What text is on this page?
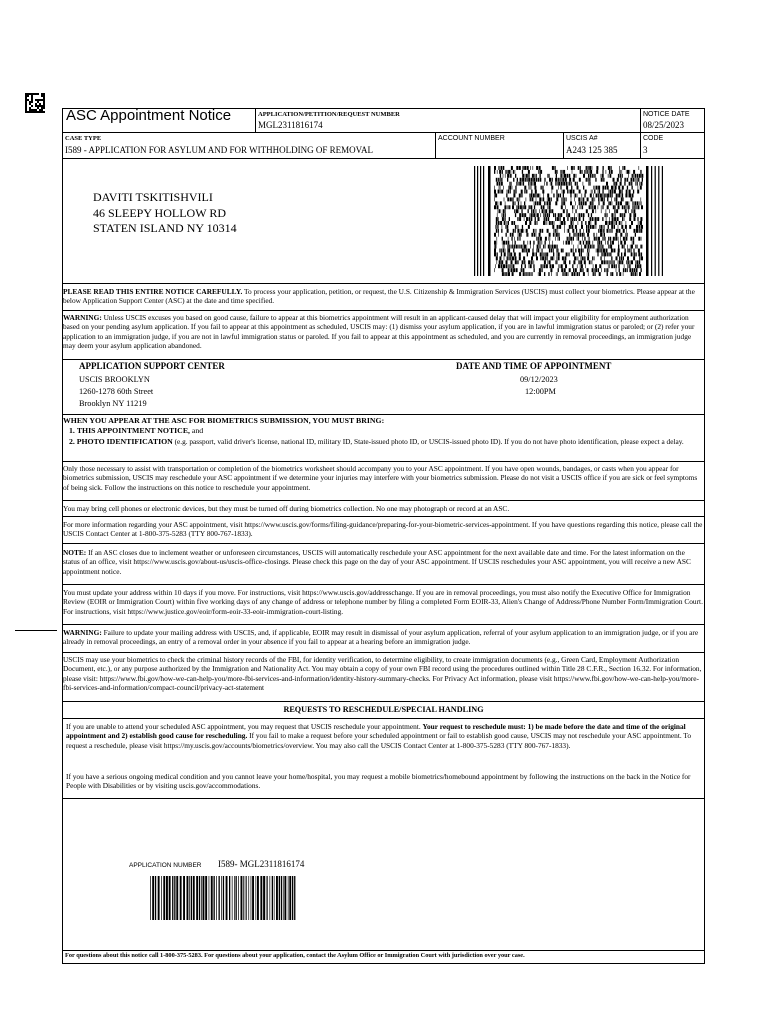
ASC Appointment Notice	APPLICATION/PETITION/REQUEST NUMBER
MGL2311816174
NOTICE DATE
08/25/2023
CASE TYPE
I589 - APPLICATION FOR ASYLUM AND FOR WITHHOLDING OF REMOVAL
ACCOUNT NUMBER	USCIS A#
A243 125 385
CODE
3
DAVITI TSKITISHVILI
46 SLEEPY HOLLOW RD
STATEN ISLAND NY 10314

PLEASE READ THIS ENTIRE NOTICE CAREFULLY. To process your application, petition, or request, the U.S. Citizenship & Immigration Services (USCIS) must collect your biometrics. Please appear at the below Application Support Center (ASC) at the date and time specified.

WARNING: Unless USCIS excuses you based on good cause, failure to appear at this biometrics appointment will result in an applicant-caused delay that will impact your eligibility for employment authorization based on your pending asylum application. If you fail to appear at this appointment as scheduled, USCIS may: (1) dismiss your asylum application, if you are in lawful immigration status or paroled; or (2) refer your application to an immigration judge, if you are not in lawful immigration status or paroled. If you fail to appear at this appointment as scheduled, and you are currently in removal proceedings, an immigration judge may deem your asylum application abandoned.

APPLICATION SUPPORT CENTER
USCIS BROOKLYN
1260-1278 60th Street
Brooklyn NY 11219
DATE AND TIME OF APPOINTMENT
09/12/2023
12:00PM
WHEN YOU APPEAR AT THE ASC FOR BIOMETRICS SUBMISSION, YOU MUST BRING:
1. THIS APPOINTMENT NOTICE, and
2. PHOTO IDENTIFICATION (e.g. passport, valid driver's license, national ID, military ID, State-issued photo ID, or USCIS-issued photo ID). If you do not have photo identification, please expect a delay.

Only those necessary to assist with transportation or completion of the biometrics worksheet should accompany you to your ASC appointment. If you have open wounds, bandages, or casts when you appear for biometrics submission, USCIS may reschedule your ASC appointment if we determine your injuries may interfere with your biometrics submission. Please do not visit a USCIS office if you are sick or feel symptoms of being sick. Follow the instructions on this notice to reschedule your appointment.

You may bring cell phones or electronic devices, but they must be turned off during biometrics collection. No one may photograph or record at an ASC.

For more information regarding your ASC appointment, visit https://www.uscis.gov/forms/filing-guidance/preparing-for-your-biometric-services-appointment. If you have questions regarding this notice, please call the USCIS Contact Center at 1-800-375-5283 (TTY 800-767-1833).

NOTE: If an ASC closes due to inclement weather or unforeseen circumstances, USCIS will automatically reschedule your ASC appointment for the next available date and time. For the latest information on the status of an office, visit https://www.uscis.gov/about-us/uscis-office-closings. Please check this page on the day of your ASC appointment. If USCIS reschedules your ASC appointment, you will receive a new ASC appointment notice.

You must update your address within 10 days if you move. For instructions, visit https://www.uscis.gov/addresschange. If you are in removal proceedings, you must also notify the Executive Office for Immigration Review (EOIR or Immigration Court) within five working days of any change of address or telephone number by filing a completed Form EOIR-33, Alien's Change of Address/Phone Number Form/Immigration Court. For instructions, visit https://www.justice.gov/eoir/form-eoir-33-eoir-immigration-court-listing.

WARNING: Failure to update your mailing address with USCIS, and, if applicable, EOIR may result in dismissal of your asylum application, referral of your asylum application to an immigration judge, or if you are already in removal proceedings, an entry of a removal order in your absence if you fail to appear at a hearing before an immigration judge.

USCIS may use your biometrics to check the criminal history records of the FBI, for identity verification, to determine eligibility, to create immigration documents (e.g., Green Card, Employment Authorization Document, etc.), or any purpose authorized by the Immigration and Nationality Act. You may obtain a copy of your own FBI record using the procedures outlined within Title 28 C.F.R., Section 16.32. For information, please visit: https://www.fbi.gov/how-we-can-help-you/more-fbi-services-and-information/identity-history-summary-checks. For Privacy Act information, please visit https://www.fbi.gov/how-we-can-help-you/more-fbi-services-and-information/compact-council/privacy-act-statement

REQUESTS TO RESCHEDULE/SPECIAL HANDLING

If you are unable to attend your scheduled ASC appointment, you may request that USCIS reschedule your appointment. Your request to reschedule must: 1) be made before the date and time of the original appointment and 2) establish good cause for rescheduling. If you fail to make a request before your scheduled appointment or fail to establish good cause, USCIS may not reschedule your ASC appointment. To request a reschedule, please visit https://my.uscis.gov/accounts/biometrics/overview. You may also call the USCIS Contact Center at 1-800-375-5283 (TTY 800-767-1833).

If you have a serious ongoing medical condition and you cannot leave your home/hospital, you may request a mobile biometrics/homebound appointment by following the instructions on the back in the Notice for People with Disabilities or by visiting uscis.gov/accommodations.

APPLICATION NUMBER I589- MGL2311816174
For questions about this notice call 1-800-375-5283. For questions about your application, contact the Asylum Office or Immigration Court with jurisdiction over your case.
